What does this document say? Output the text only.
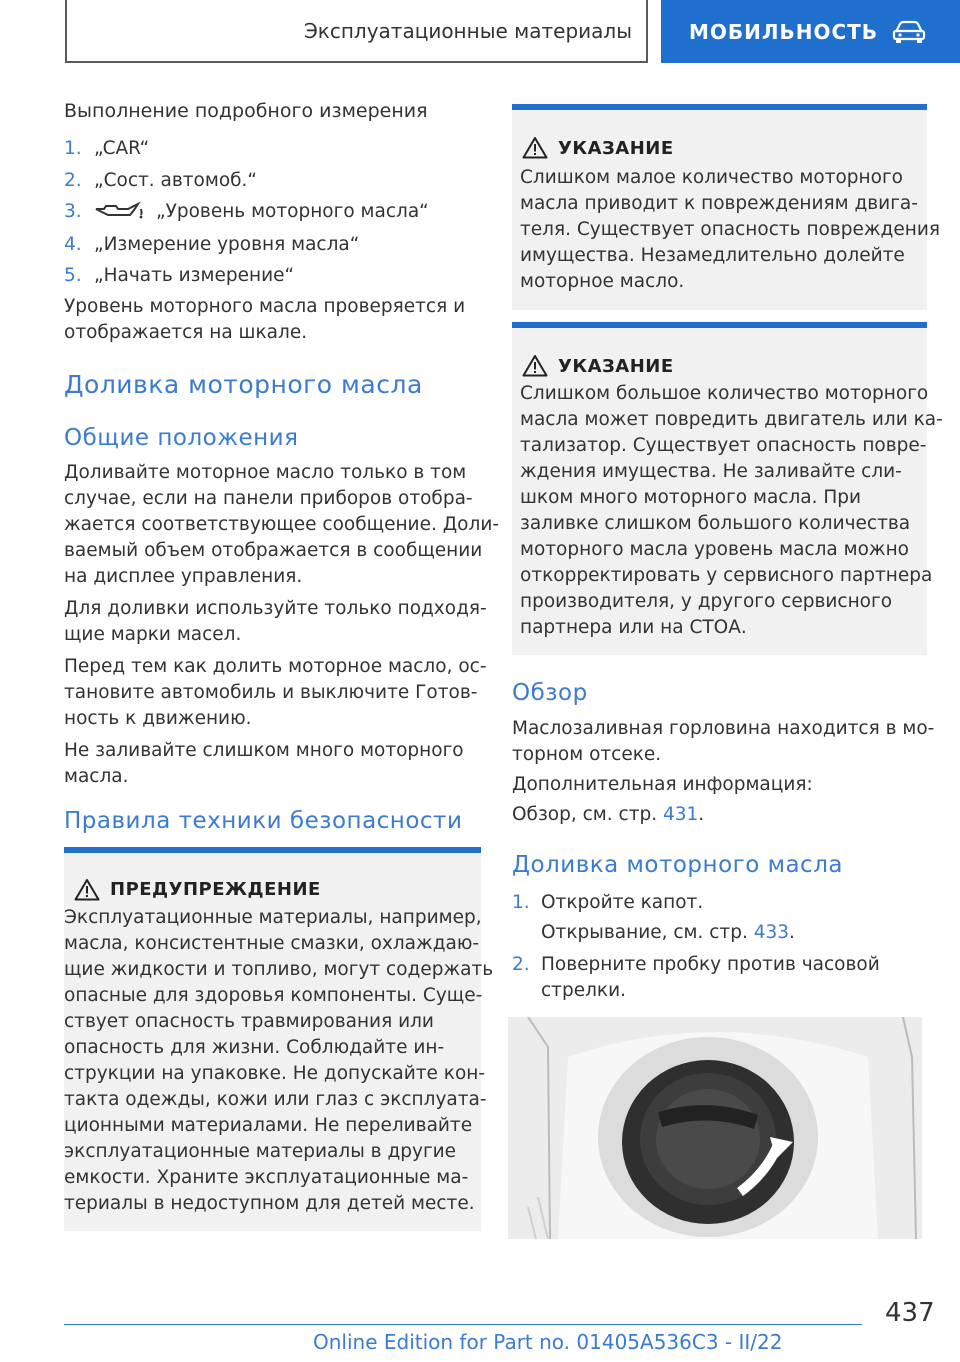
Эксплуатационные материалы	МОБИЛЬНОСТЬ
Выполнение подробного измерения
1. „CAR“
2. „Сост. автомоб.“
3.	„Уровень моторного масла“
4. „Измерение уровня масла“
5. „Начать измерение“
Уровень моторного масла проверяется и
отображается на шкале.
Доливка моторного масла
Общие положения
Доливайте моторное масло только в том
случае, если на панели приборов отобра-
жается соответствующее сообщение. Доли-
ваемый объем отображается в сообщении
на дисплее управления.
Для доливки используйте только подходя-
щие марки масел.
Перед тем как долить моторное масло, ос-
тановите автомобиль и выключите Готов-
ность к движению.
Не заливайте слишком много моторного
масла.
Правила техники безопасности
ПРЕДУПРЕЖДЕНИЕ
Эксплуатационные материалы, например,
масла, консистентные смазки, охлаждаю-
щие жидкости и топливо, могут содержать
опасные для здоровья компоненты. Суще-
ствует опасность травмирования или
опасность для жизни. Соблюдайте ин-
струкции на упаковке. Не допускайте кон-
такта одежды, кожи или глаз с эксплуата-
ционными материалами. Не переливайте
эксплуатационные материалы в другие
емкости. Храните эксплуатационные ма-
териалы в недоступном для детей месте.
УКАЗАНИЕ
Слишком малое количество моторного
масла приводит к повреждениям двига-
теля. Существует опасность повреждения
имущества. Незамедлительно долейте
моторное масло.
УКАЗАНИЕ
Слишком большое количество моторного
масла может повредить двигатель или ка-
тализатор. Существует опасность повре-
ждения имущества. Не заливайте сли-
шком много моторного масла. При
заливке слишком большого количества
моторного масла уровень масла можно
откорректировать у сервисного партнера
производителя, у другого сервисного
партнера или на СТОА.
Обзор
Маслозаливная горловина находится в мо-
торном отсеке.
Дополнительная информация:
Обзор, см. стр. 431.
Доливка моторного масла
1. Откройте капот.
Открывание, см. стр. 433.
2. Поверните пробку против часовой
стрелки.
437
Online Edition for Part no. 01405A536C3 - II/22
